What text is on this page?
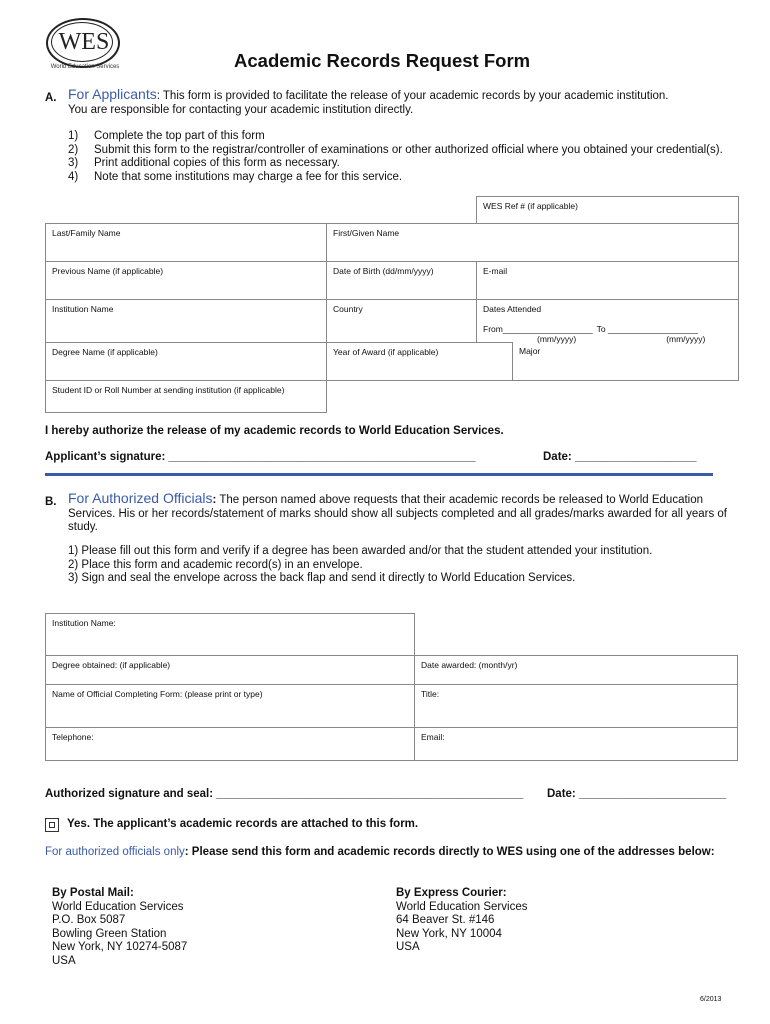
WES
World Education Services	Academic Records Request Form
A. For Applicants: This form is provided to facilitate the release of your academic records by your academic institution.
You are responsible for contacting your academic institution directly.
1) Complete the top part of this form
2) Submit this form to the registrar/controller of examinations or other authorized official where you obtained your credential(s).
3) Print additional copies of this form as necessary.
4) Note that some institutions may charge a fee for this service.
WES Ref # (if applicable)
Last/Family Name	First/Given Name
Previous Name (if applicable)	Date of Birth (dd/mm/yyyy)	E-mail
Institution Name	Country	Dates Attended
From___________________ To ___________________
(mm/yyyy)	(mm/yyyy)
Degree Name (if applicable)	Year of Award (if applicable)	Major
Student ID or Roll Number at sending institution (if applicable)
I hereby authorize the release of my academic records to World Education Services.
Applicant’s signature: ________________________________________________	Date: ___________________
B. For Authorized Officials: The person named above requests that their academic records be released to World Education
Services. His or her records/statement of marks should show all subjects completed and all grades/marks awarded for all years of
study.
1) Please fill out this form and verify if a degree has been awarded and/or that the student attended your institution.
2) Place this form and academic record(s) in an envelope.
3) Sign and seal the envelope across the back flap and send it directly to World Education Services.
Institution Name:
Degree obtained: (if applicable)	Date awarded: (month/yr)
Name of Official Completing Form: (please print or type)	Title:
Telephone:	Email:
Authorized signature and seal: ________________________________________________ Date: _______________________
Yes. The applicant’s academic records are attached to this form.
For authorized officials only: Please send this form and academic records directly to WES using one of the addresses below:
By Postal Mail:
World Education Services
P.O. Box 5087
Bowling Green Station
New York, NY 10274-5087
USA
By Express Courier:
World Education Services
64 Beaver St. #146
New York, NY 10004
USA
6/2013
